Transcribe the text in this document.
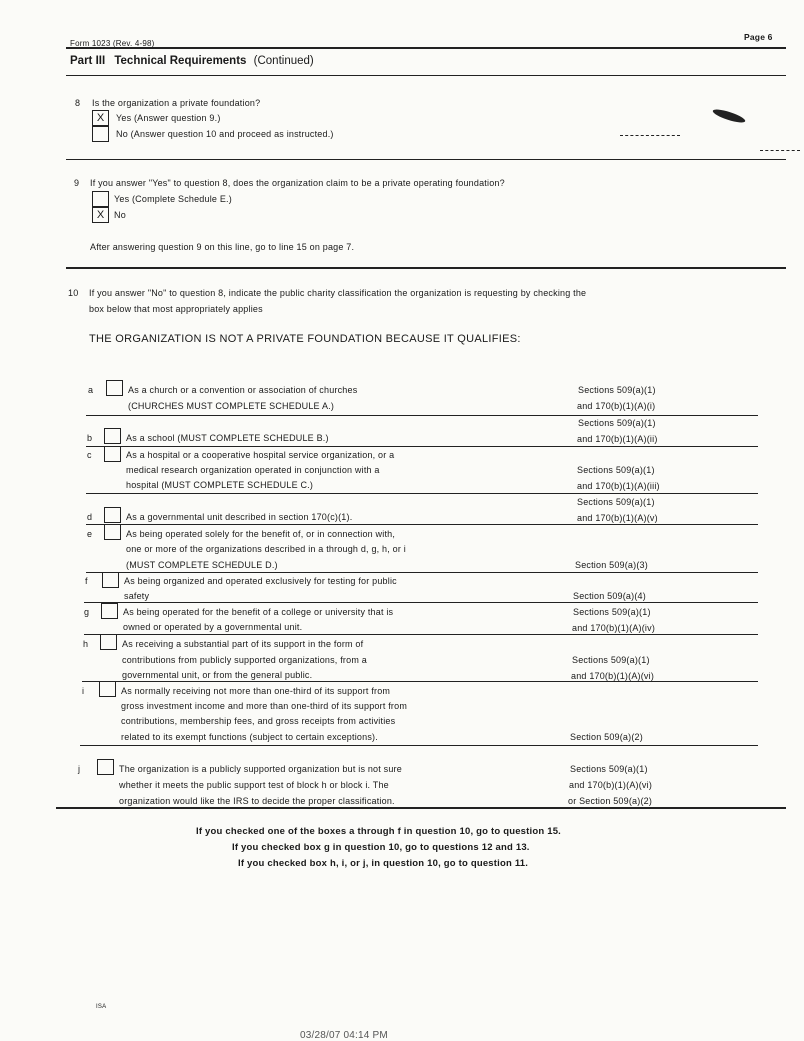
Form 1023 (Rev. 4-98)
Page 6
Part III Technical Requirements (Continued)
8 Is the organization a private foundation?
X	Yes (Answer question 9.)
No (Answer question 10 and proceed as instructed.)
9 If you answer "Yes" to question 8, does the organization claim to be a private operating foundation?
Yes (Complete Schedule E.)
X	No
After answering question 9 on this line, go to line 15 on page 7.
10 If you answer "No" to question 8, indicate the public charity classification the organization is requesting by checking the
box below that most appropriately applies
THE ORGANIZATION IS NOT A PRIVATE FOUNDATION BECAUSE IT QUALIFIES:
a	As a church or a convention or association of churches
(CHURCHES MUST COMPLETE SCHEDULE A.)
Sections 509(a)(1)
and 170(b)(1)(A)(i)
b	As a school (MUST COMPLETE SCHEDULE B.)
Sections 509(a)(1)
and 170(b)(1)(A)(ii)
c	As a hospital or a cooperative hospital service organization, or a
medical research organization operated in conjunction with a
hospital (MUST COMPLETE SCHEDULE C.)
Sections 509(a)(1)
and 170(b)(1)(A)(iii)
d	As a governmental unit described in section 170(c)(1).
Sections 509(a)(1)
and 170(b)(1)(A)(v)
e	As being operated solely for the benefit of, or in connection with,
one or more of the organizations described in a through d, g, h, or i
(MUST COMPLETE SCHEDULE D.)	Section 509(a)(3)
f	As being organized and operated exclusively for testing for public
safety	Section 509(a)(4)
g	As being operated for the benefit of a college or university that is
owned or operated by a governmental unit.
Sections 509(a)(1)
and 170(b)(1)(A)(iv)
h	As receiving a substantial part of its support in the form of
contributions from publicly supported organizations, from a
governmental unit, or from the general public.
Sections 509(a)(1)
and 170(b)(1)(A)(vi)
i	As normally receiving not more than one-third of its support from
gross investment income and more than one-third of its support from
contributions, membership fees, and gross receipts from activities
related to its exempt functions (subject to certain exceptions).	Section 509(a)(2)
j	The organization is a publicly supported organization but is not sure
whether it meets the public support test of block h or block i. The
organization would like the IRS to decide the proper classification.
Sections 509(a)(1)
and 170(b)(1)(A)(vi)
or Section 509(a)(2)
If you checked one of the boxes a through f in question 10, go to question 15.
If you checked box g in question 10, go to questions 12 and 13.
If you checked box h, i, or j, in question 10, go to question 11.
ISA
03/28/07 04:14 PM
